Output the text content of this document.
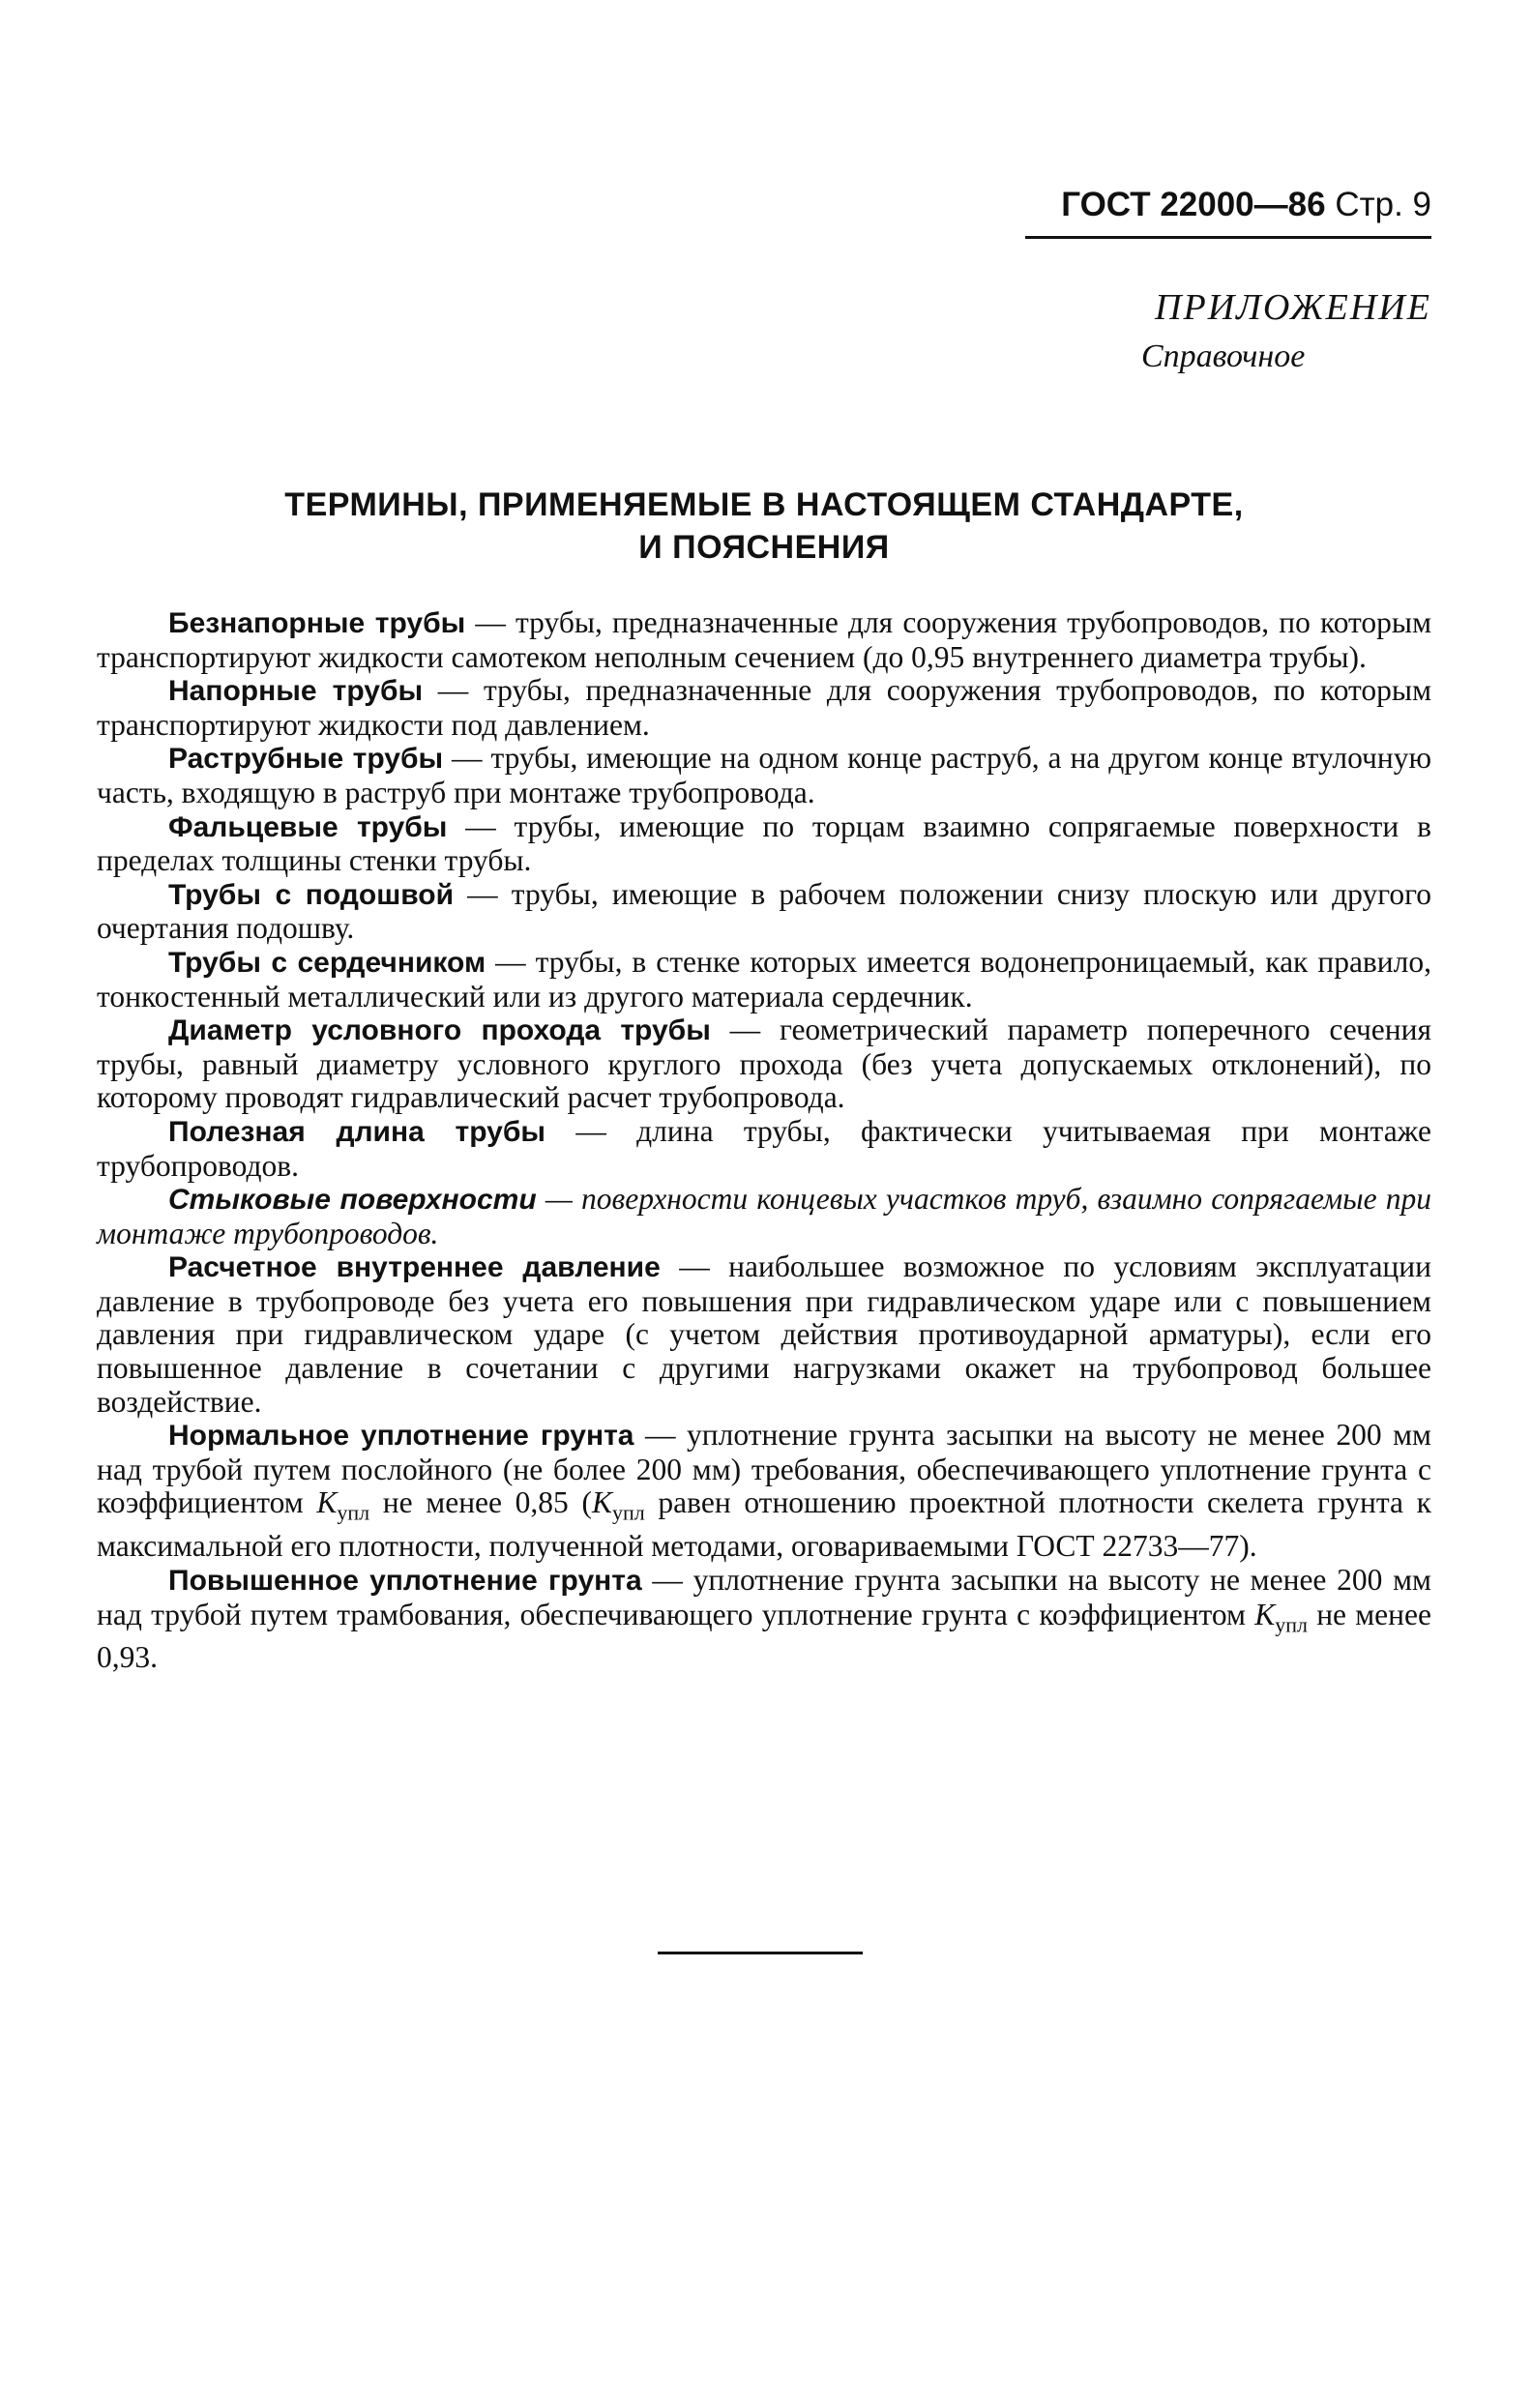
ГОСТ 22000—86 Стр. 9
ПРИЛОЖЕНИЕ
Справочное
ТЕРМИНЫ, ПРИМЕНЯЕМЫЕ В НАСТОЯЩЕМ СТАНДАРТЕ,
И ПОЯСНЕНИЯ

Безнапорные трубы — трубы, предназначенные для сооружения трубопроводов, по которым транспортируют жидкости самотеком неполным сечением (до 0,95 внутреннего диаметра трубы).

Напорные трубы — трубы, предназначенные для сооружения трубопроводов, по которым транспортируют жидкости под давлением.

Раструбные трубы — трубы, имеющие на одном конце раструб, а на другом конце втулочную часть, входящую в раструб при монтаже трубопровода.

Фальцевые трубы — трубы, имеющие по торцам взаимно сопрягаемые поверхности в пределах толщины стенки трубы.

Трубы с подошвой — трубы, имеющие в рабочем положении снизу плоскую или другого очертания подошву.

Трубы с сердечником — трубы, в стенке которых имеется водонепроницаемый, как правило, тонкостенный металлический или из другого материала сердечник.

Диаметр условного прохода трубы — геометрический параметр поперечного сечения трубы, равный диаметру условного круглого прохода (без учета допускаемых отклонений), по которому проводят гидравлический расчет трубопровода.

Полезная длина трубы — длина трубы, фактически учитываемая при монтаже трубопроводов.

Стыковые поверхности — поверхности концевых участков труб, взаимно сопрягаемые при монтаже трубопроводов.

Расчетное внутреннее давление — наибольшее возможное по условиям эксплуатации давление в трубопроводе без учета его повышения при гидравлическом ударе или с повышением давления при гидравлическом ударе (с учетом действия противоударной арматуры), если его повышенное давление в сочетании с другими нагрузками окажет на трубопровод большее воздействие.

Нормальное уплотнение грунта — уплотнение грунта засыпки на высоту не менее 200 мм над трубой путем послойного (не более 200 мм) требования, обеспечивающего уплотнение грунта с коэффициентом $K_{упл}$ не менее 0,85 ($K_{упл}$ равен отношению проектной плотности скелета грунта к максимальной его плотности, полученной методами, оговариваемыми ГОСТ 22733—77).

Повышенное уплотнение грунта — уплотнение грунта засыпки на высоту не менее 200 мм над трубой путем трамбования, обеспечивающего уплотнение грунта с коэффициентом $K_{упл}$ не менее 0,93.
